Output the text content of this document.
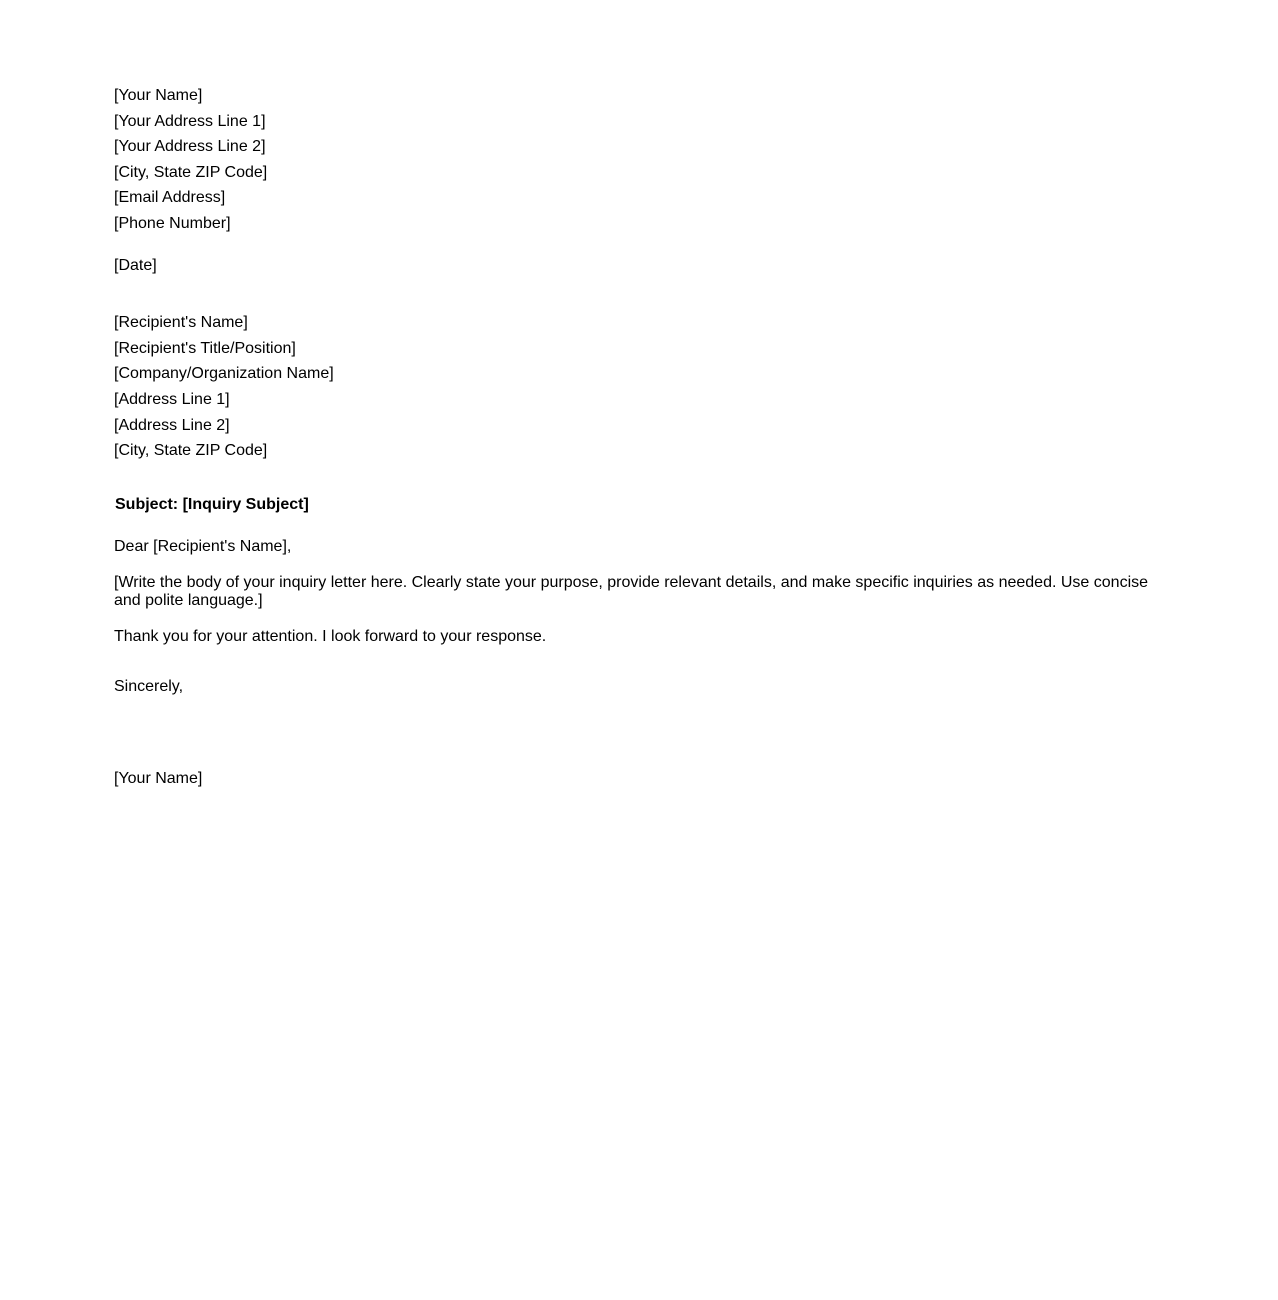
[Your Name]
[Your Address Line 1]
[Your Address Line 2]
[City, State ZIP Code]
[Email Address]
[Phone Number]
[Date]
[Recipient's Name]
[Recipient's Title/Position]
[Company/Organization Name]
[Address Line 1]
[Address Line 2]
[City, State ZIP Code]
Subject: [Inquiry Subject]
Dear [Recipient's Name],
[Write the body of your inquiry letter here. Clearly state your purpose, provide relevant details, and make specific inquiries as needed. Use concise and polite language.]
Thank you for your attention. I look forward to your response.
Sincerely,
[Your Name]
